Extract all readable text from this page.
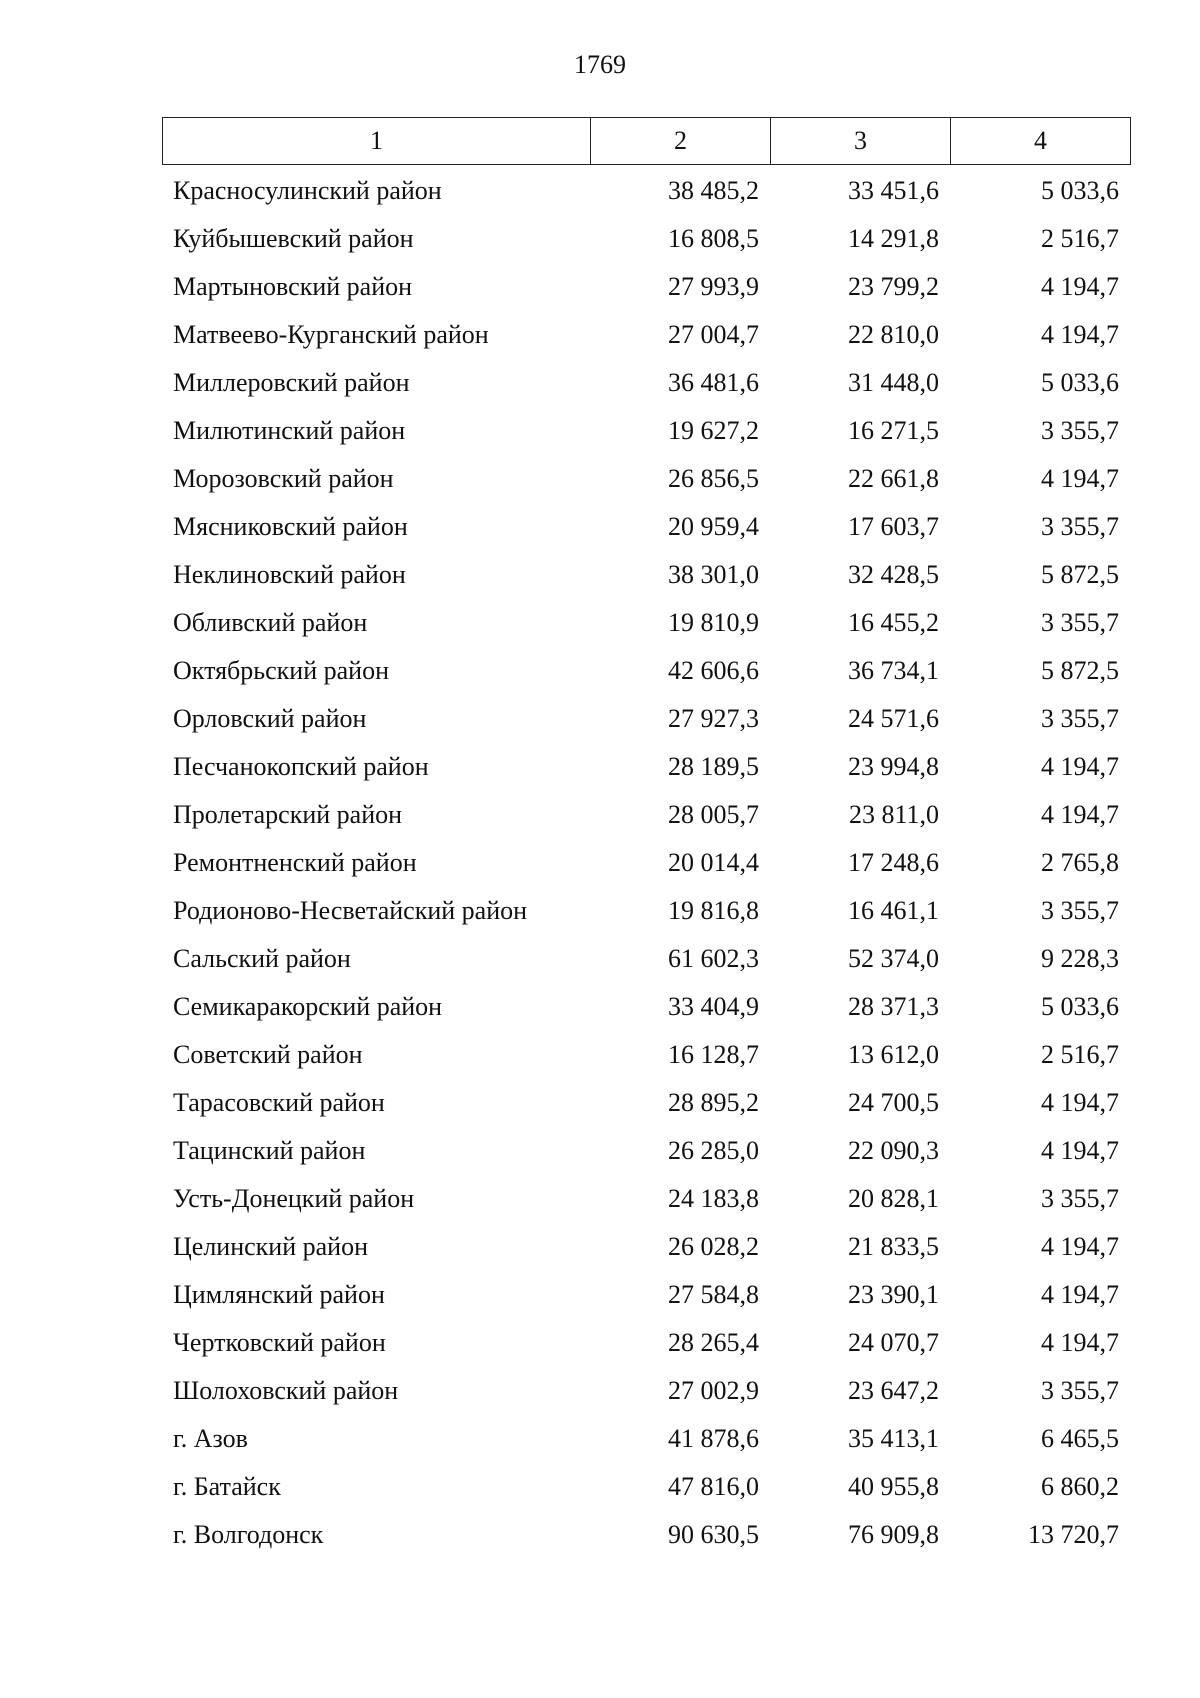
1769
1	2	3	4
Красносулинский район	38 485,2	33 451,6	5 033,6
Куйбышевский район	16 808,5	14 291,8	2 516,7
Мартыновский район	27 993,9	23 799,2	4 194,7
Матвеево-Курганский район	27 004,7	22 810,0	4 194,7
Миллеровский район	36 481,6	31 448,0	5 033,6
Милютинский район	19 627,2	16 271,5	3 355,7
Морозовский район	26 856,5	22 661,8	4 194,7
Мясниковский район	20 959,4	17 603,7	3 355,7
Неклиновский район	38 301,0	32 428,5	5 872,5
Обливский район	19 810,9	16 455,2	3 355,7
Октябрьский район	42 606,6	36 734,1	5 872,5
Орловский район	27 927,3	24 571,6	3 355,7
Песчанокопский район	28 189,5	23 994,8	4 194,7
Пролетарский район	28 005,7	23 811,0	4 194,7
Ремонтненский район	20 014,4	17 248,6	2 765,8
Родионово-Несветайский район	19 816,8	16 461,1	3 355,7
Сальский район	61 602,3	52 374,0	9 228,3
Семикаракорский район	33 404,9	28 371,3	5 033,6
Советский район	16 128,7	13 612,0	2 516,7
Тарасовский район	28 895,2	24 700,5	4 194,7
Тацинский район	26 285,0	22 090,3	4 194,7
Усть-Донецкий район	24 183,8	20 828,1	3 355,7
Целинский район	26 028,2	21 833,5	4 194,7
Цимлянский район	27 584,8	23 390,1	4 194,7
Чертковский район	28 265,4	24 070,7	4 194,7
Шолоховский район	27 002,9	23 647,2	3 355,7
г. Азов	41 878,6	35 413,1	6 465,5
г. Батайск	47 816,0	40 955,8	6 860,2
г. Волгодонск	90 630,5	76 909,8	13 720,7
